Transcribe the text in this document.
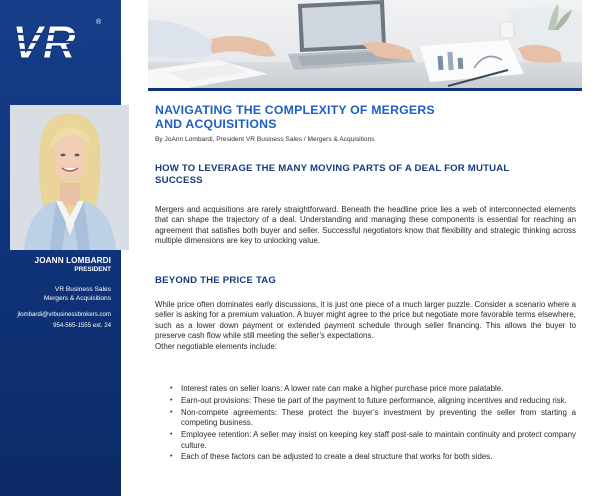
VR	®
JOANN LOMBARDI
PRESIDENT
VR Business Sales
Mergers & Acquisitions
jlombardi@vrbusinessbrokers.com
954-565-1555 ext. 24
NAVIGATING THE COMPLEXITY OF MERGERS
AND ACQUISITIONS
By JoAnn Lombardi, President VR Business Sales / Mergers & Acquisitions
HOW TO LEVERAGE THE MANY MOVING PARTS OF A DEAL FOR MUTUAL
SUCCESS
Mergers and acquisitions are rarely straightforward. Beneath the headline price lies a web of interconnected elements that can shape the trajectory of a deal. Understanding and managing these components is essential for reaching an agreement that satisfies both buyer and seller. Successful negotiators know that flexibility and strategic thinking across multiple dimensions are key to unlocking value.
BEYOND THE PRICE TAG
While price often dominates early discussions, it is just one piece of a much larger puzzle. Consider a scenario where a seller is asking for a premium valuation. A buyer might agree to the price but negotiate more favorable terms elsewhere, such as a lower down payment or extended payment schedule through seller financing. This allows the buyer to preserve cash flow while still meeting the seller’s expectations.
Other negotiable elements include:
• Interest rates on seller loans: A lower rate can make a higher purchase price more palatable.
• Earn-out provisions: These tie part of the payment to future performance, aligning incentives and reducing risk.
• Non-compete agreements: These protect the buyer’s investment by preventing the seller from starting a competing business.
• Employee retention: A seller may insist on keeping key staff post-sale to maintain continuity and protect company culture.
• Each of these factors can be adjusted to create a deal structure that works for both sides.
